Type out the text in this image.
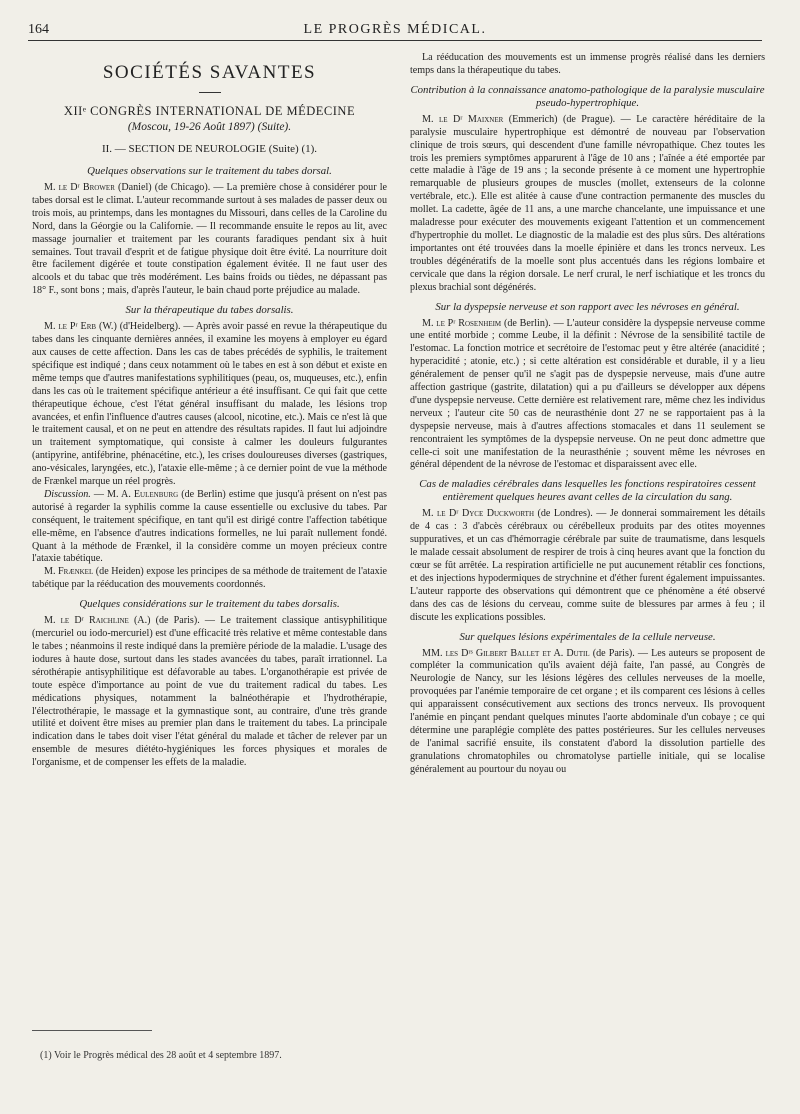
164	LE PROGRÈS MÉDICAL.
SOCIÉTÉS SAVANTES
XIIᵉ CONGRÈS INTERNATIONAL DE MÉDECINE
(Moscou, 19-26 Août 1897) (Suite).
II. — SECTION DE NEUROLOGIE (Suite) (1).
Quelques observations sur le traitement du tabes dorsal.

M. le Dʳ Brower (Daniel) (de Chicago). — La première chose à considérer pour le tabes dorsal est le climat. L'auteur recommande surtout à ses malades de passer deux ou trois mois, au printemps, dans les montagnes du Missouri, dans celles de la Caroline du Nord, dans la Géorgie ou la Californie. — Il recommande ensuite le repos au lit, avec massage journalier et traitement par les courants faradiques pendant six à huit semaines. Tout travail d'esprit et de fatigue physique doit être évité. La nourriture doit être facilement digérée et toute constipation également évitée. Il ne faut user des alcools et du tabac que très modérément. Les bains froids ou tièdes, ne dépassant pas 18° F., sont bons ; mais, d'après l'auteur, le bain chaud porte préjudice au malade.

Sur la thérapeutique du tabes dorsalis.

M. le Pʳ Erb (W.) (d'Heidelberg). — Après avoir passé en revue la thérapeutique du tabes dans les cinquante dernières années, il examine les moyens à employer eu égard aux causes de cette affection. Dans les cas de tabes précédés de syphilis, le traitement spécifique est indiqué ; dans ceux notamment où le tabes en est à son début et existe en même temps que d'autres manifestations syphilitiques (peau, os, muqueuses, etc.), enfin dans les cas où le traitement spécifique antérieur a été insuffisant. Ce qui fait que cette thérapeutique échoue, c'est l'état général insuffisant du malade, les lésions trop avancées, et enfin l'influence d'autres causes (alcool, nicotine, etc.). Mais ce n'est là que le traitement causal, et on ne peut en attendre des résultats rapides. Il faut lui adjoindre un traitement symptomatique, qui consiste à calmer les douleurs fulgurantes (antipyrine, antifébrine, phénacétine, etc.), les crises douloureuses diverses (gastriques, ano-vésicales, laryngées, etc.), l'ataxie elle-même ; à ce dernier point de vue la méthode de Frænkel marque un réel progrès.

Discussion. — M. A. Eulenburg (de Berlin) estime que jusqu'à présent on n'est pas autorisé à regarder la syphilis comme la cause essentielle ou exclusive du tabes. Par conséquent, le traitement spécifique, en tant qu'il est dirigé contre l'affection tabétique elle-même, en l'absence d'autres indications formelles, ne lui paraît nullement fondé. Quant à la méthode de Frænkel, il la considère comme un moyen précieux contre l'ataxie tabétique.

M. Frænkel (de Heiden) expose les principes de sa méthode de traitement de l'ataxie tabétique par la rééducation des mouvements coordonnés.

Quelques considérations sur le traitement du tabes dorsalis.

M. le Dʳ Raichline (A.) (de Paris). — Le traitement classique antisyphilitique (mercuriel ou iodo-mercuriel) est d'une efficacité très relative et même contestable dans le tabes ; néanmoins il reste indiqué dans la première période de la maladie. L'usage des iodures à haute dose, surtout dans les stades avancées du tabes, paraît irrationnel. La sérothérapie antisyphilitique est défavorable au tabes. L'organothérapie est privée de toute espèce d'importance au point de vue du traitement radical du tabes. Les médications physiques, notamment la balnéothérapie et l'hydrothérapie, l'électrothérapie, le massage et la gymnastique sont, au contraire, d'une très grande utilité et doivent être mises au premier plan dans le traitement du tabes. La principale indication dans le tabes doit viser l'état général du malade et tâcher de relever par un ensemble de mesures diététo-hygiéniques les forces physiques et morales de l'organisme, et de compenser les effets de la maladie.

La rééducation des mouvements est un immense progrès réalisé dans les derniers temps dans la thérapeutique du tabes.

Contribution à la connaissance anatomo-pathologique de la paralysie musculaire pseudo-hypertrophique.

M. le Dʳ Maixner (Emmerich) (de Prague). — Le caractère héréditaire de la paralysie musculaire hypertrophique est démontré de nouveau par l'observation clinique de trois sœurs, qui descendent d'une famille névropathique. Chez toutes les trois les premiers symptômes apparurent à l'âge de 10 ans ; l'aînée a été emportée par cette maladie à l'âge de 19 ans ; la seconde présente à ce moment une hypertrophie remarquable de plusieurs groupes de muscles (mollet, extenseurs de la colonne vertébrale, etc.). Elle est alitée à cause d'une contraction permanente des muscles du mollet. La cadette, âgée de 11 ans, a une marche chancelante, une impuissance et une maladresse pour exécuter des mouvements exigeant l'attention et un commencement d'hypertrophie du mollet. Le diagnostic de la maladie est des plus sûrs. Des altérations importantes ont été trouvées dans la moelle épinière et dans les troncs nerveux. Les troubles dégénératifs de la moelle sont plus accentués dans les régions lombaire et cervicale que dans la région dorsale. Le nerf crural, le nerf ischiatique et les troncs du plexus brachial sont dégénérés.

Sur la dyspepsie nerveuse et son rapport avec les névroses en général.

M. le Pʳ Rosenheim (de Berlin). — L'auteur considère la dyspepsie nerveuse comme une entité morbide ; comme Leube, il la définit : Névrose de la sensibilité tactile de l'estomac. La fonction motrice et secrétoire de l'estomac peut y être altérée (anacidité ; hyperacidité ; atonie, etc.) ; si cette altération est considérable et durable, il y a lieu généralement de penser qu'il ne s'agit pas de dyspepsie nerveuse, mais d'une autre affection gastrique (gastrite, dilatation) qui a pu d'ailleurs se développer aux dépens d'une dyspepsie nerveuse. Cette dernière est relativement rare, même chez les individus nerveux ; l'auteur cite 50 cas de neurasthénie dont 27 ne se rapportaient pas à la dyspepsie nerveuse, mais à d'autres affections stomacales et dans 11 seulement se rencontraient les symptômes de la dyspepsie nerveuse. On ne peut donc admettre que celle-ci soit une manifestation de la neurasthénie ; souvent même les névroses en général dépendent de la névrose de l'estomac et disparaissent avec elle.

Cas de maladies cérébrales dans lesquelles les fonctions respiratoires cessent entièrement quelques heures avant celles de la circulation du sang.

M. le Dʳ Dyce Duckworth (de Londres). — Je donnerai sommairement les détails de 4 cas : 3 d'abcès cérébraux ou cérébelleux produits par des otites moyennes suppuratives, et un cas d'hémorragie cérébrale par suite de traumatisme, dans lesquels le malade cessait absolument de respirer de trois à cinq heures avant que la fonction du cœur se fût arrêtée. La respiration artificielle ne put aucunement rétablir ces fonctions, et des injections hypodermiques de strychnine et d'éther furent également impuissantes. L'auteur rapporte des observations qui démontrent que ce phénomène a été observé dans des cas de lésions du cerveau, comme suite de blessures par armes à feu ; il discute les explications possibles.

Sur quelques lésions expérimentales de la cellule nerveuse.

MM. les Dʳˢ Gilbert Ballet et A. Dutil (de Paris). — Les auteurs se proposent de compléter la communication qu'ils avaient déjà faite, l'an passé, au Congrès de Neurologie de Nancy, sur les lésions légères des cellules nerveuses de la moelle, provoquées par l'anémie temporaire de cet organe ; et ils comparent ces lésions à celles qui apparaissent consécutivement aux sections des troncs nerveux. Ils provoquent l'anémie en pinçant pendant quelques minutes l'aorte abdominale d'un cobaye ; ce qui détermine une paraplégie complète des pattes postérieures. Sur les cellules nerveuses de l'animal sacrifié ensuite, ils constatent d'abord la dissolution partielle des granulations chromatophiles ou chromatolyse partielle initiale, qui se localise généralement au pourtour du noyau ou

(1) Voir le Progrès médical des 28 août et 4 septembre 1897.
